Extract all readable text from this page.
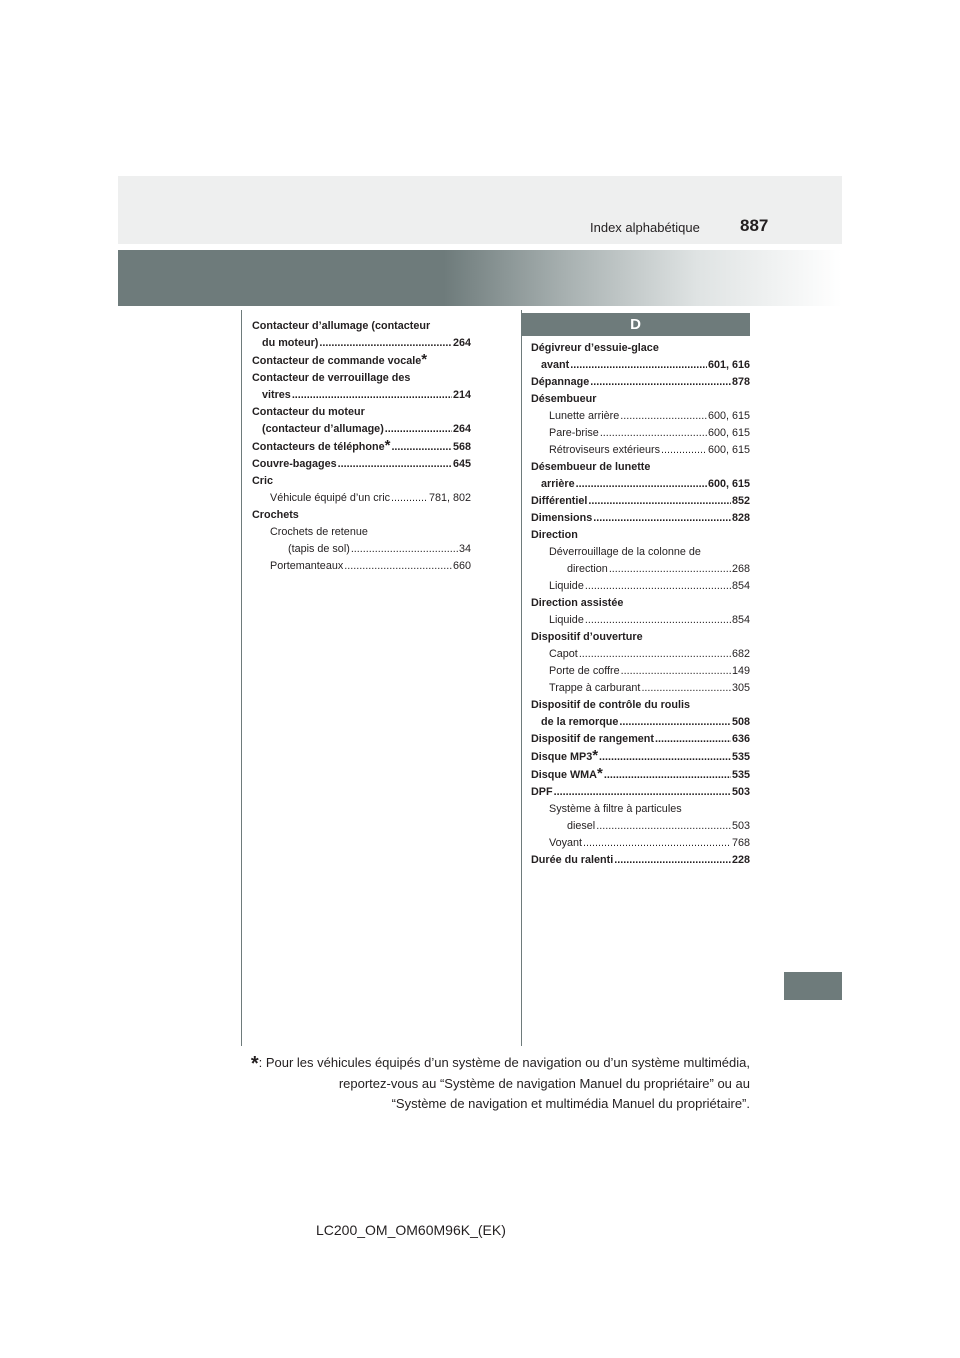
Index alphabétique 887
D
Contacteur d’allumage (contacteur
du moteur) .....	264
Contacteur de commande vocale *
Contacteur de verrouillage des
vitres .....	214
Contacteur du moteur
(contacteur d’allumage) .....	264
Contacteurs de téléphone * .....	568
Couvre-bagages .....	645
Cric
Véhicule équipé d’un cric .....	781, 802
Crochets
Crochets de retenue
(tapis de sol) .....	34
Portemanteaux .....	660
Dégivreur d’essuie-glace
avant .....	601, 616
Dépannage .....	878
Désembueur
Lunette arrière .....	600, 615
Pare-brise .....	600, 615
Rétroviseurs extérieurs .....	600, 615
Désembueur de lunette
arrière .....	600, 615
Différentiel .....	852
Dimensions .....	828
Direction
Déverrouillage de la colonne de
direction .....	268
Liquide .....	854
Direction assistée
Liquide .....	854
Dispositif d’ouverture
Capot .....	682
Porte de coffre .....	149
Trappe à carburant .....	305
Dispositif de contrôle du roulis
de la remorque .....	508
Dispositif de rangement .....	636
Disque MP3 * .....	535
Disque WMA * .....	535
DPF .....	503
Système à filtre à particules
diesel .....	503
Voyant .....	768
Durée du ralenti .....	228
*: Pour les véhicules équipés d’un système de navigation ou d’un système multimédia,
reportez-vous au “Système de navigation Manuel du propriétaire” ou au
“Système de navigation et multimédia Manuel du propriétaire”.
LC200_OM_OM60M96K_(EK)
